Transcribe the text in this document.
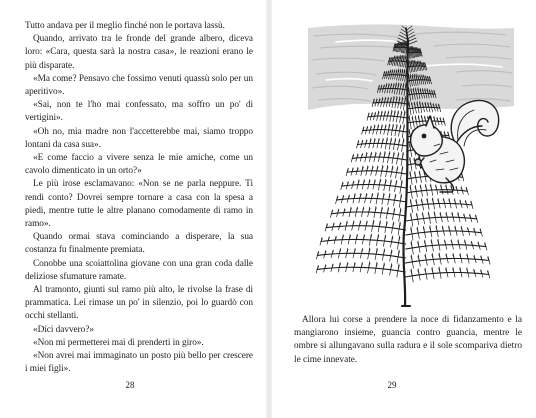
Tutto andava per il meglio finché non le portava lassù.

Quando, arrivato tra le fronde del grande albero, diceva loro: «Cara, questa sarà la nostra casa», le reazioni erano le più disparate.

«Ma come? Pensavo che fossimo venuti quassù solo per un aperitivo».

«Sai, non te l'ho mai confessato, ma soffro un po' di vertigini».

«Oh no, mia madre non l'accetterebbe mai, siamo troppo lontani da casa sua».

«E come faccio a vivere senza le mie amiche, come un cavolo dimenticato in un orto?»

Le più irose esclamavano: «Non se ne parla neppure. Ti rendi conto? Dovrei sempre tornare a casa con la spesa a piedi, mentre tutte le altre planano comodamente di ramo in ramo».

Quando ormai stava cominciando a disperare, la sua costanza fu finalmente premiata.

Conobbe una scoiattolina giovane con una gran coda dalle deliziose sfumature ramate.

Al tramonto, giunti sul ramo più alto, le rivolse la frase di prammatica. Lei rimase un po' in silenzio, poi lo guardò con occhi stellanti.

«Dici davvero?»

«Non mi permetterei mai di prenderti in giro».

«Non avrei mai immaginato un posto più bello per crescere i miei figli».

28

Allora lui corse a prendere la noce di fidanzamento e la mangiarono insieme, guancia contro guancia, mentre le ombre si allungavano sulla radura e il sole scompariva dietro le cime innevate.

29
